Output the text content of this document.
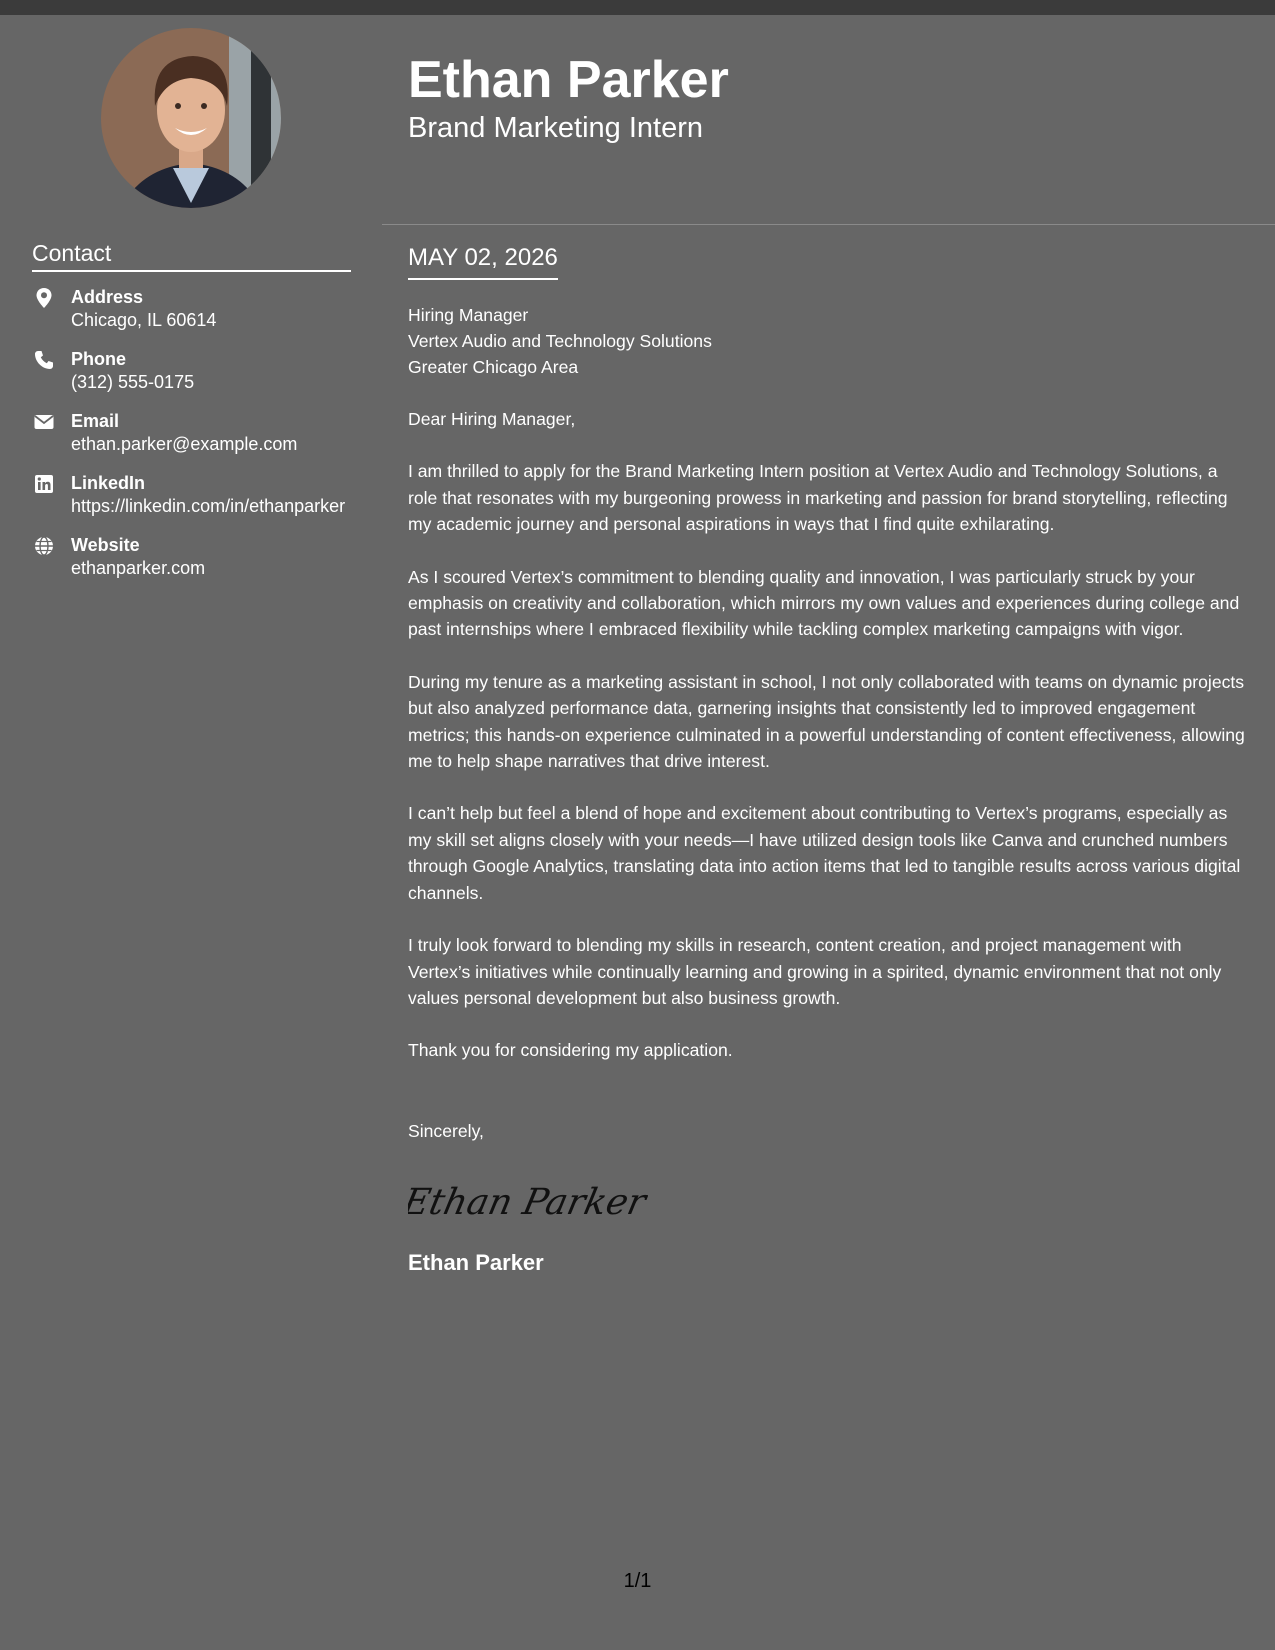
Contact
Address
Chicago, IL 60614
Phone
(312) 555-0175
Email
ethan.parker@example.com
LinkedIn
https://linkedin.com/in/ethanparker
Website
ethanparker.com
Ethan Parker
Brand Marketing Intern
MAY 02, 2026
Hiring Manager
Vertex Audio and Technology Solutions
Greater Chicago Area
Dear Hiring Manager,

I am thrilled to apply for the Brand Marketing Intern position at Vertex Audio and Technology Solutions, a role that resonates with my burgeoning prowess in marketing and passion for brand storytelling, reflecting my academic journey and personal aspirations in ways that I find quite exhilarating.

As I scoured Vertex’s commitment to blending quality and innovation, I was particularly struck by your emphasis on creativity and collaboration, which mirrors my own values and experiences during college and past internships where I embraced flexibility while tackling complex marketing campaigns with vigor.

During my tenure as a marketing assistant in school, I not only collaborated with teams on dynamic projects but also analyzed performance data, garnering insights that consistently led to improved engagement metrics; this hands-on experience culminated in a powerful understanding of content effectiveness, allowing me to help shape narratives that drive interest.

I can’t help but feel a blend of hope and excitement about contributing to Vertex’s programs, especially as my skill set aligns closely with your needs—I have utilized design tools like Canva and crunched numbers through Google Analytics, translating data into action items that led to tangible results across various digital channels.

I truly look forward to blending my skills in research, content creation, and project management with Vertex’s initiatives while continually learning and growing in a spirited, dynamic environment that not only values personal development but also business growth.

Thank you for considering my application.

Sincerely,
Ethan Parker
Ethan Parker
1/1
